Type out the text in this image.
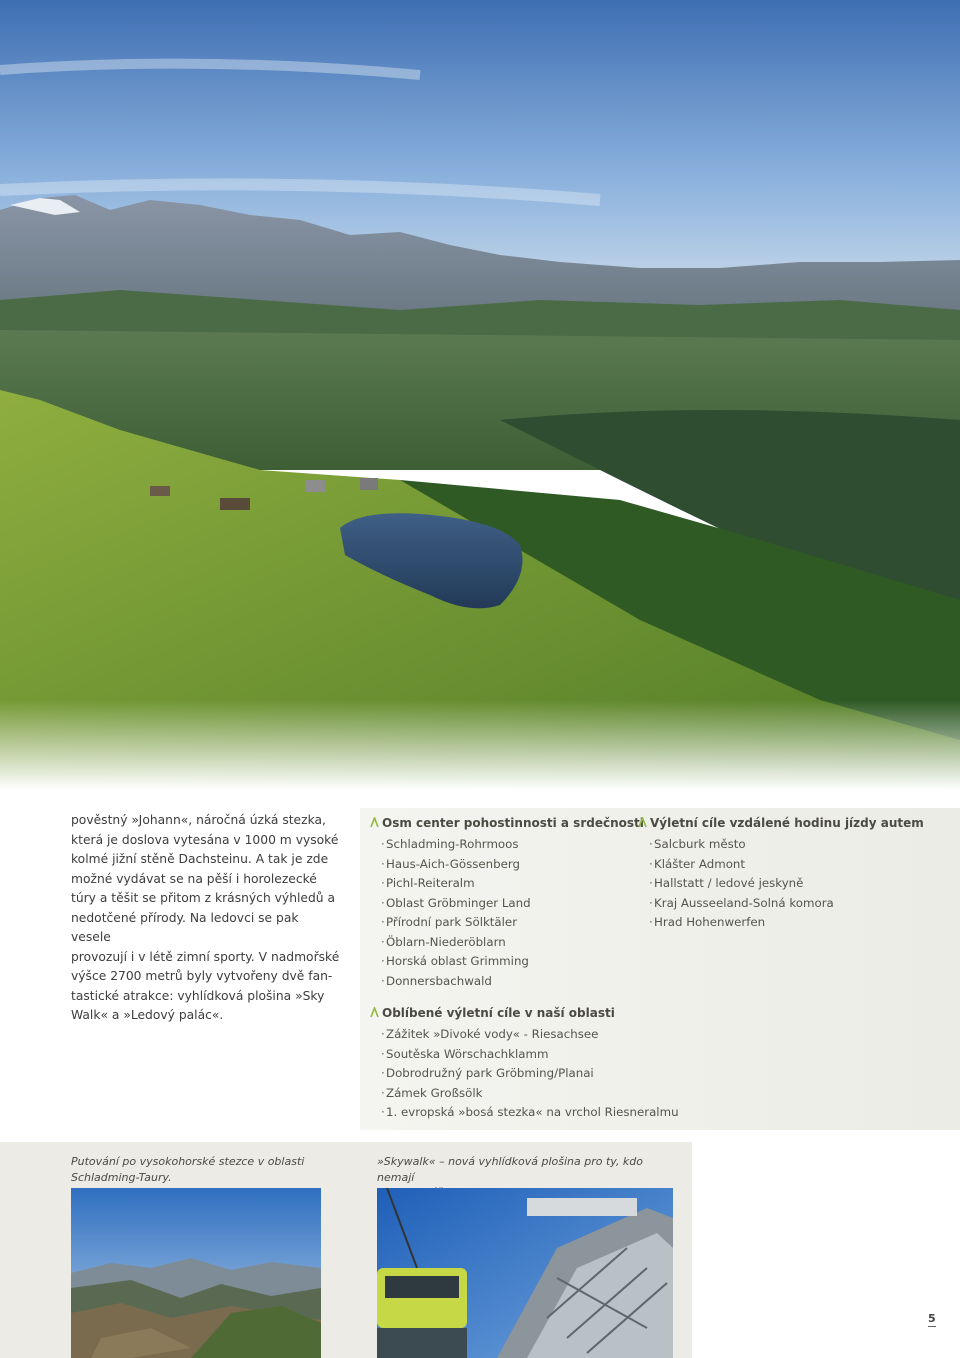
pověstný »Johann«, náročná úzká stezka,
která je doslova vytesána v 1000 m vysoké
kolmé jižní stěně Dachsteinu. A tak je zde
možné vydávat se na pěší i horolezecké
túry a těšit se přitom z krásných výhledů a
nedotčené přírody. Na ledovci se pak vesele
provozují i v létě zimní sporty. V nadmořské
výšce 2700 metrů byly vytvořeny dvě fan-
tastické atrakce: vyhlídková plošina »Sky
Walk« a »Ledový palác«.
Osm center pohostinnosti a srdečnosti
· Schladming-Rohrmoos
· Haus-Aich-Gössenberg
· Pichl-Reiteralm
· Oblast Gröbminger Land
· Přírodní park Sölktäler
· Öblarn-Niederöblarn
· Horská oblast Grimming
· Donnersbachwald
Oblíbené výletní cíle v naší oblasti
· Zážitek »Divoké vody« - Riesachsee
· Soutěska Wörschachklamm
· Dobrodružný park Gröbming/Planai
· Zámek Großsölk
· 1. evropská »bosá stezka« na vrchol Riesneralmu
Výletní cíle vzdálené hodinu jízdy autem
· Salcburk město
· Klášter Admont
· Hallstatt / ledové jeskyně
· Kraj Ausseeland-Solná komora
· Hrad Hohenwerfen
Putování po vysokohorské stezce v oblasti
Schladming-Taury.
»Skywalk« – nová vyhlídková plošina pro ty, kdo nemají
5
